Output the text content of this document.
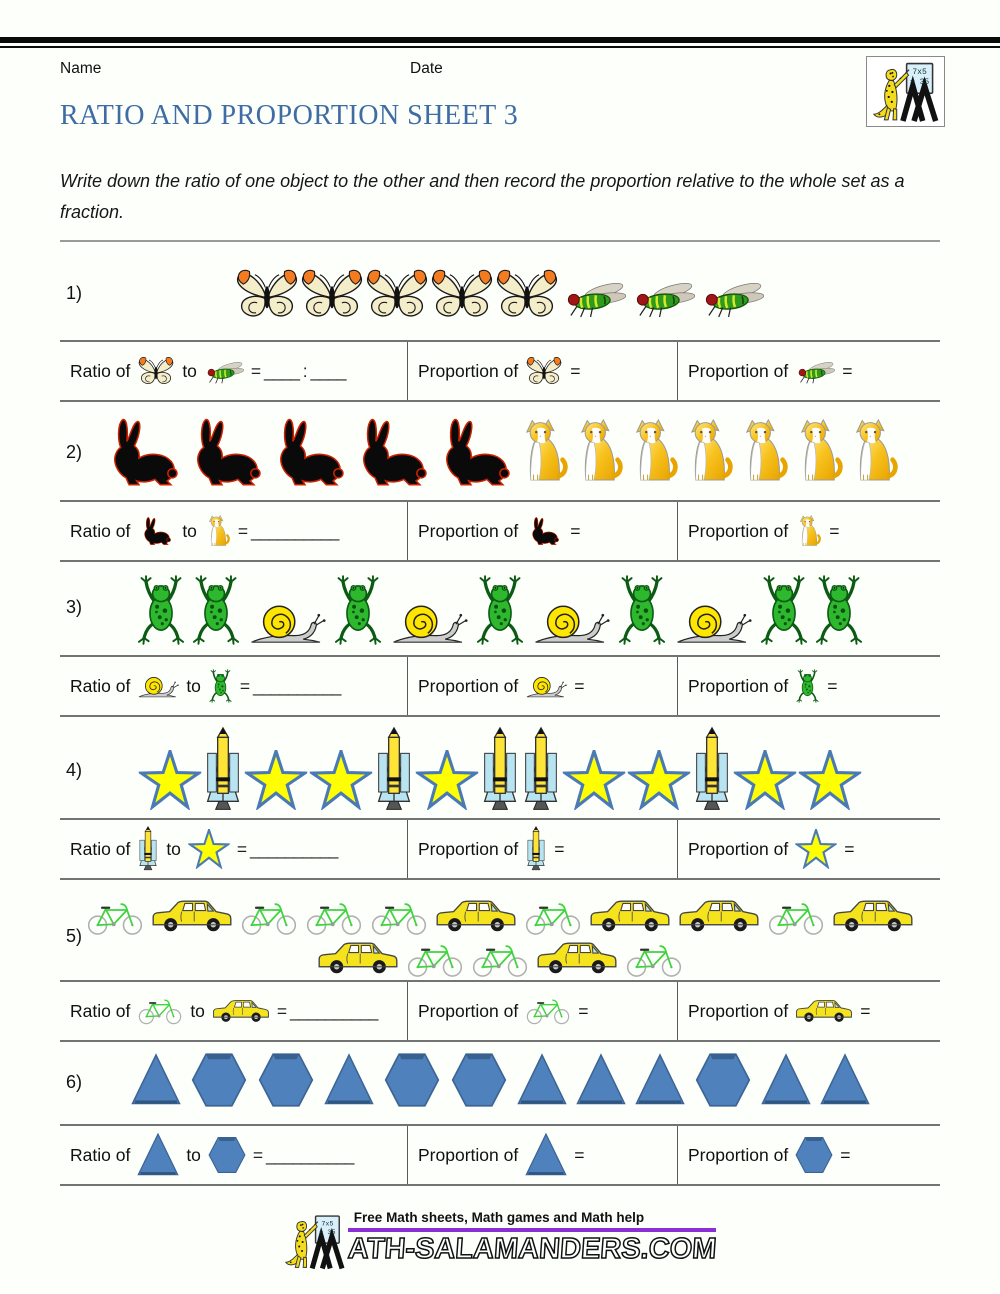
Name	Date	7x5
= 35
RATIO AND PROPORTION SHEET 3
Write down the ratio of one object to the other and then record the proportion relative to the whole set as a fraction.
1)
Ratio of	to	= ____ : ____	Proportion of	=	Proportion of	=
2)
Ratio of	to = __________	Proportion of	=	Proportion of =
3)
Ratio of	to = __________	Proportion of	=	Proportion of =
4)
Ratio of to	= __________	Proportion of =	Proportion of	=
5)
Ratio of	to	= __________ Proportion of	=	Proportion of	=
6)
Ratio of	to	= __________	Proportion of	=	Proportion of	=
7x5
= 35
Free Math sheets, Math games and Math help
ATH-SALAMANDERS.COM
